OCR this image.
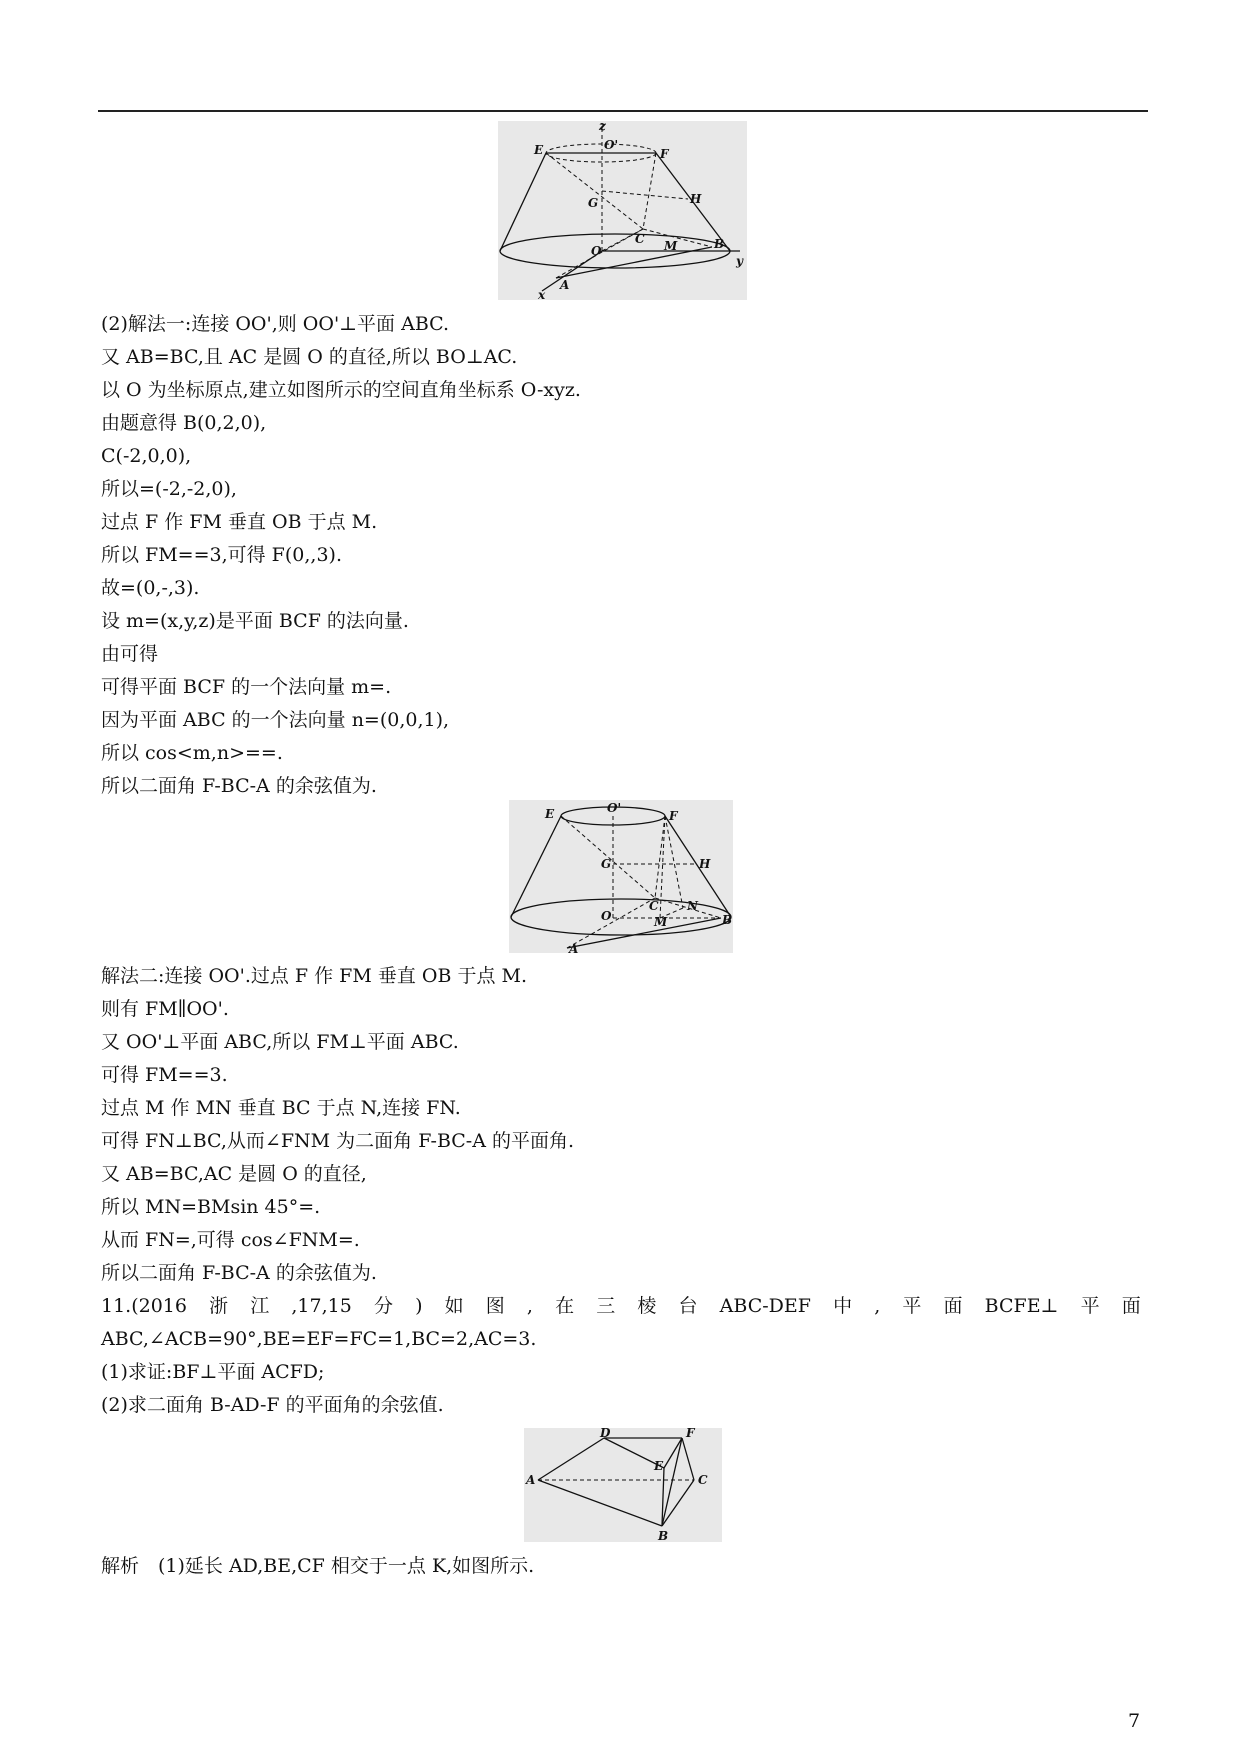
z
O'
E	F
G	H
O
C M	B
A
y
x
(2)解法一:连接 OO',则 OO'⊥平面 ABC.
又 AB=BC,且 AC 是圆 O 的直径,所以 BO⊥AC.
以 O 为坐标原点,建立如图所示的空间直角坐标系 O-xyz.
由题意得 B(0,2,0),
C(-2,0,0),
所以=(-2,-2,0),
过点 F 作 FM 垂直 OB 于点 M.
所以 FM==3,可得 F(0,,3).
故=(0,-,3).
设 m=(x,y,z)是平面 BCF 的法向量.
由可得
可得平面 BCF 的一个法向量 m=.
因为平面 ABC 的一个法向量 n=(0,0,1),
所以 cos<m,n>==.
所以二面角 F-BC-A 的余弦值为.
E	O'
F
G	H
C N
O	M	B
A
解法二:连接 OO'.过点 F 作 FM 垂直 OB 于点 M.
则有 FM∥OO'.
又 OO'⊥平面 ABC,所以 FM⊥平面 ABC.
可得 FM==3.
过点 M 作 MN 垂直 BC 于点 N,连接 FN.
可得 FN⊥BC,从而∠FNM 为二面角 F-BC-A 的平面角.
又 AB=BC,AC 是圆 O 的直径,
所以 MN=BMsin 45°=.
从而 FN=,可得 cos∠FNM=.
所以二面角 F-BC-A 的余弦值为.
11.(2016 浙 江 ,17,15 分 ) 如 图 , 在 三 棱 台 ABC-DEF 中 , 平 面 BCFE⊥ 平 面
ABC,∠ACB=90°,BE=EF=FC=1,BC=2,AC=3.
(1)求证:BF⊥平面 ACFD;
(2)求二面角 B-AD-F 的平面角的余弦值.
D	F
E
A	C
B
解析　(1)延长 AD,BE,CF 相交于一点 K,如图所示.
7
